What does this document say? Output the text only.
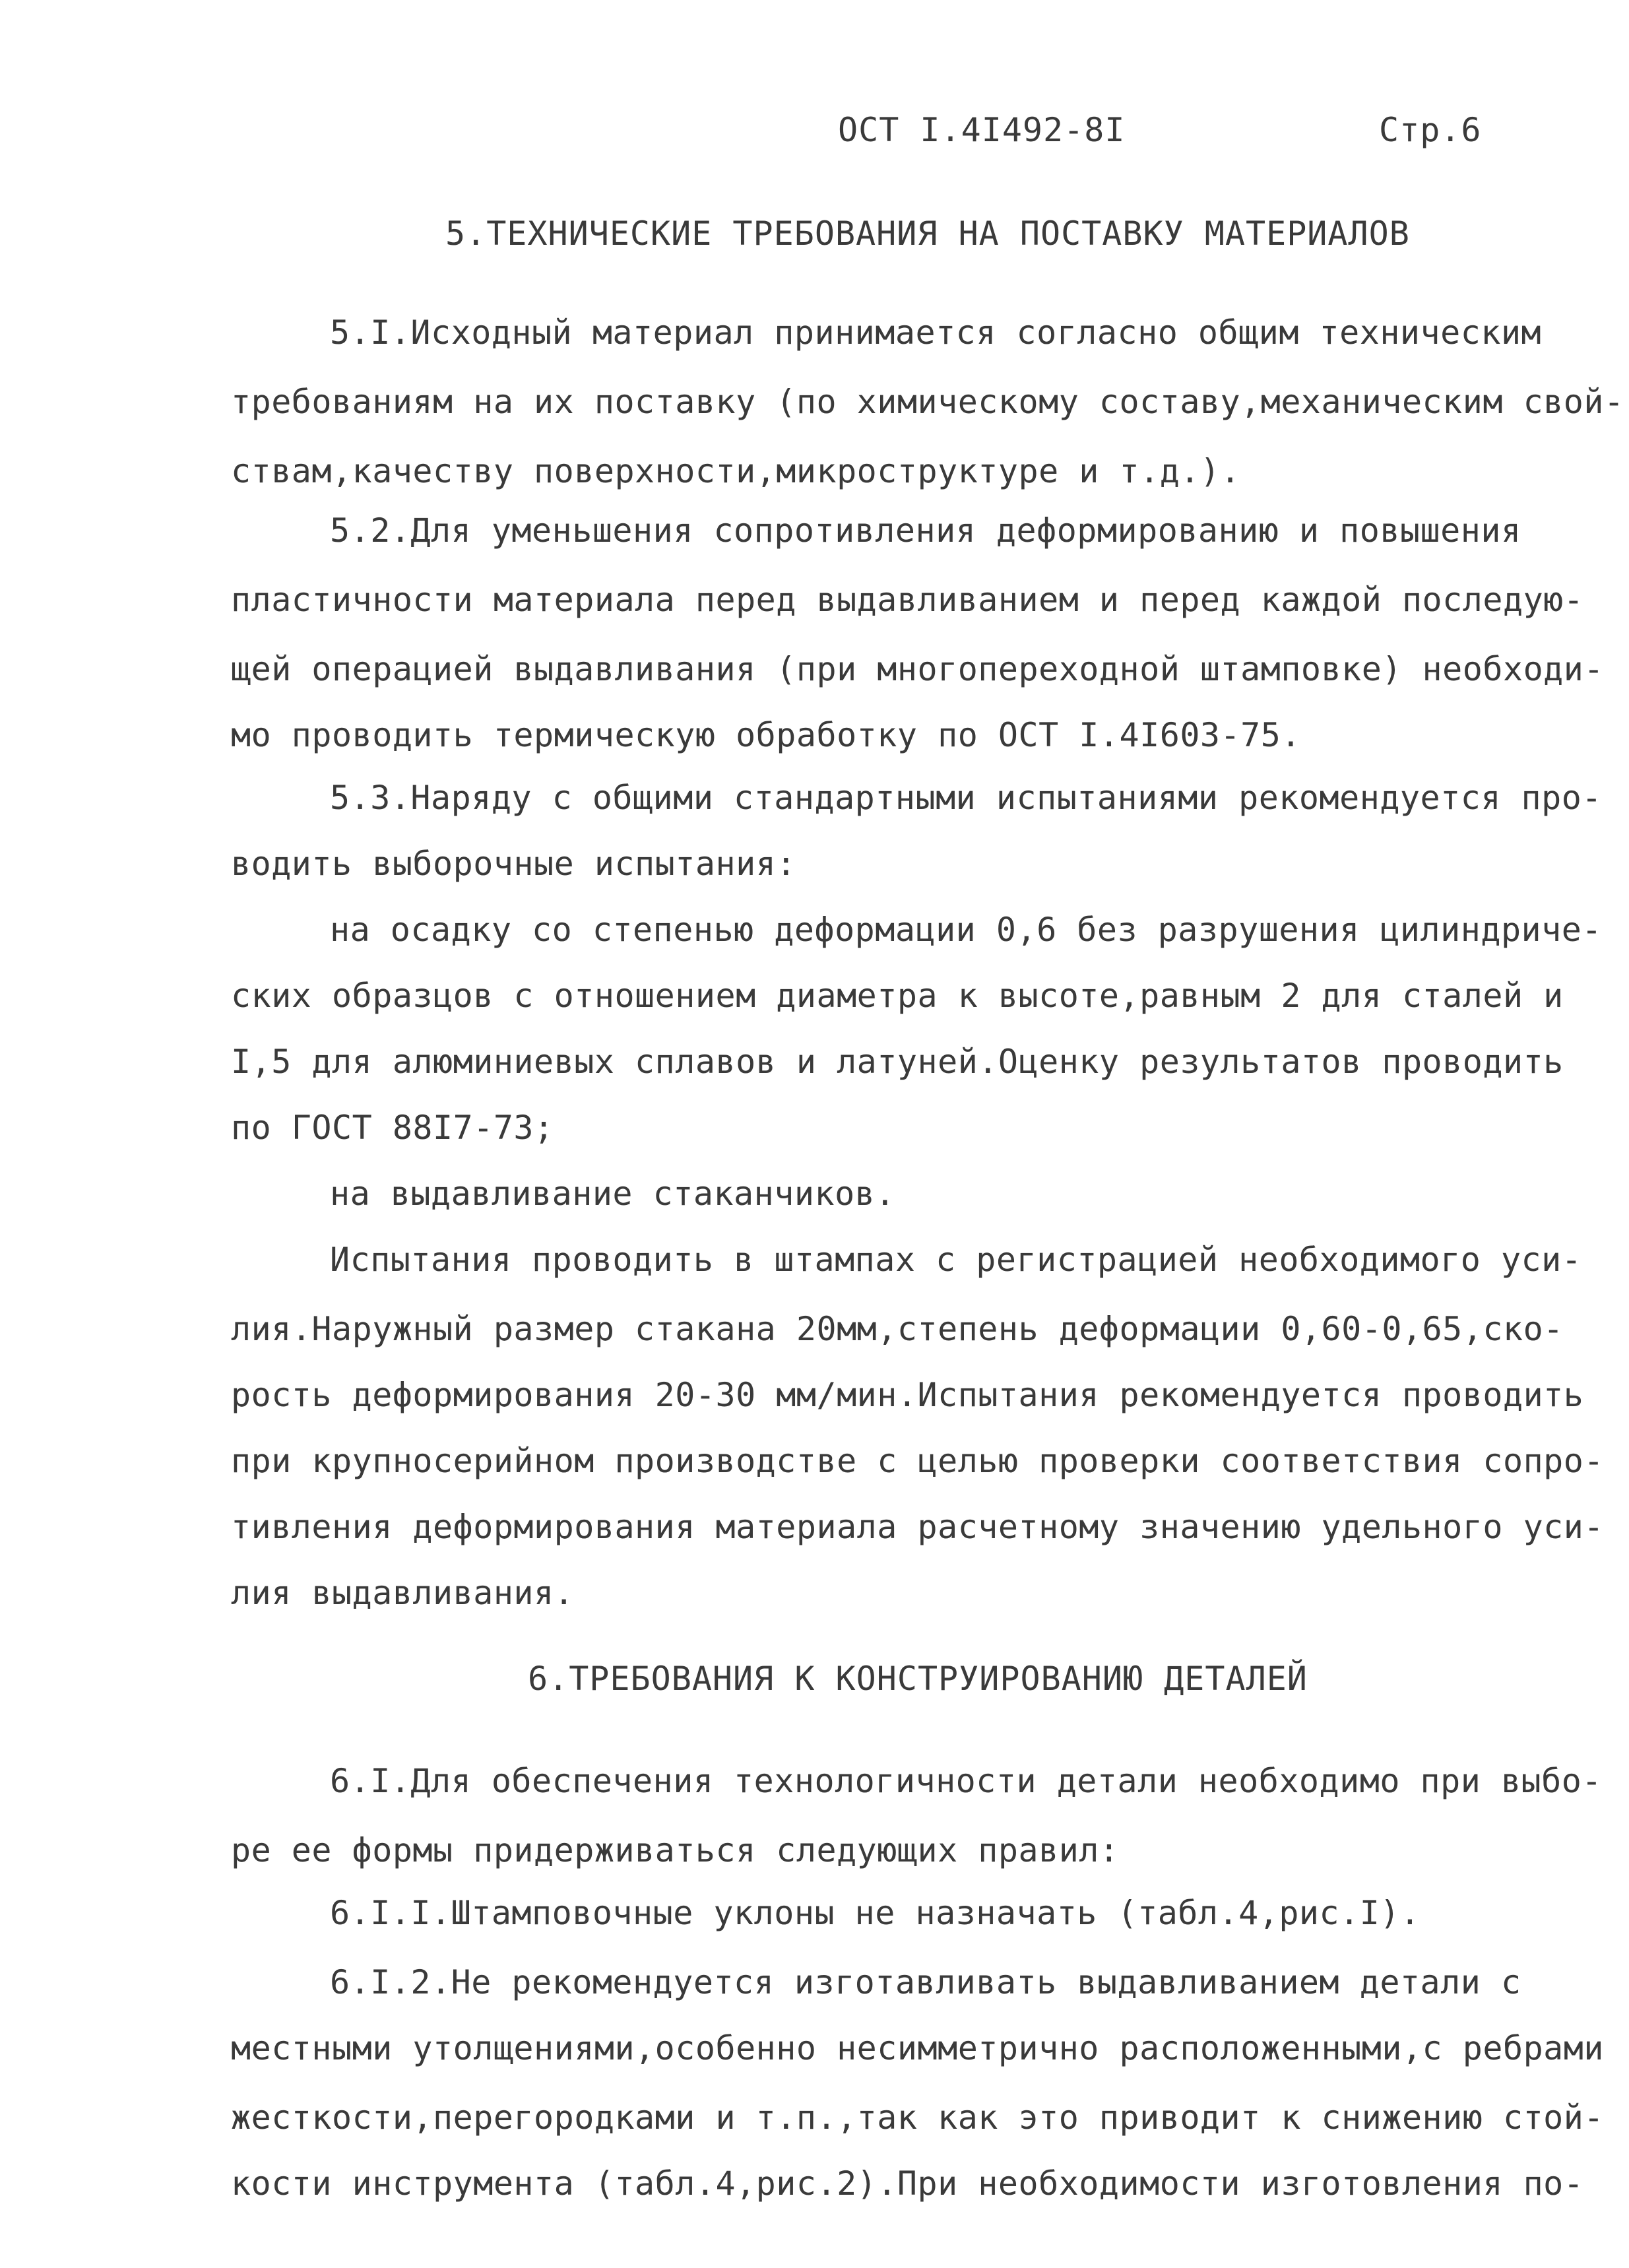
ОСТ I.4I492-8I	Стр.6
5.ТЕХНИЧЕСКИЕ ТРЕБОВАНИЯ НА ПОСТАВКУ МАТЕРИАЛОВ
5.I.Исходный материал принимается согласно общим техническим
требованиям на их поставку (по химическому составу,механическим свой-
ствам,качеству поверхности,микроструктуре и т.д.).
5.2.Для уменьшения сопротивления деформированию и повышения
пластичности материала перед выдавливанием и перед каждой последую-
щей операцией выдавливания (при многопереходной штамповке) необходи-
мо проводить термическую обработку по ОСТ I.4I603-75.
5.3.Наряду с общими стандартными испытаниями рекомендуется про-
водить выборочные испытания:
на осадку со степенью деформации 0,6 без разрушения цилиндриче-
ских образцов с отношением диаметра к высоте,равным 2 для сталей и
I,5 для алюминиевых сплавов и латуней.Оценку результатов проводить
по ГОСТ 88I7-73;
на выдавливание стаканчиков.
Испытания проводить в штампах с регистрацией необходимого уси-
лия.Наружный размер стакана 20мм,степень деформации 0,60-0,65,ско-
рость деформирования 20-30 мм/мин.Испытания рекомендуется проводить
при крупносерийном производстве с целью проверки соответствия сопро-
тивления деформирования материала расчетному значению удельного уси-
лия выдавливания.
6.ТРЕБОВАНИЯ К КОНСТРУИРОВАНИЮ ДЕТАЛЕЙ
6.I.Для обеспечения технологичности детали необходимо при выбо-
ре ее формы придерживаться следующих правил:
6.I.I.Штамповочные уклоны не назначать (табл.4,рис.I).
6.I.2.Не рекомендуется изготавливать выдавливанием детали с
местными утолщениями,особенно несимметрично расположенными,с ребрами
жесткости,перегородками и т.п.,так как это приводит к снижению стой-
кости инструмента (табл.4,рис.2).При необходимости изготовления по-
